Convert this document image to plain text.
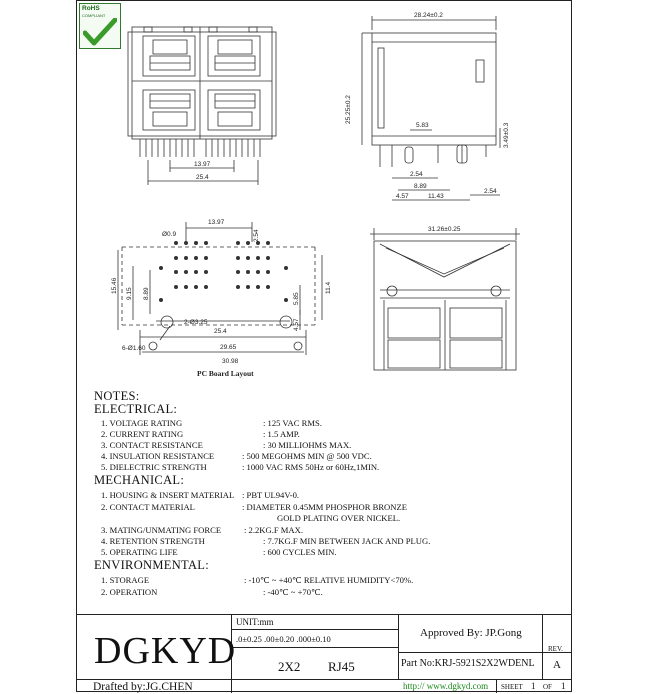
RoHS
COMPLIANT
13.97
25.4
28.24±0.2
25.25±0.2
5.83	3.49±0.3
2.54
8.89
4.57	11.43
2.54
13.97
Ø0.9	2.54
15.46 9.15 8.89	5.85
11.4
4.57
2-Ø3.25
25.4
29.65
6-Ø1.60
30.98
31.26±0.25
PC Board Layout
NOTES:
ELECTRICAL:
1. VOLTAGE RATING	: 125 VAC RMS.
2. CURRENT RATING	: 1.5 AMP.
3. CONTACT RESISTANCE	: 30 MILLIOHMS MAX.
4. INSULATION RESISTANCE	: 500 MEGOHMS MIN @ 500 VDC.
5. DIELECTRIC STRENGTH	: 1000 VAC RMS 50Hz or 60Hz,1MIN.
MECHANICAL:
1. HOUSING & INSERT MATERIAL : PBT UL94V-0.
2. CONTACT MATERIAL	: DIAMETER 0.45MM PHOSPHOR BRONZE
GOLD PLATING OVER NICKEL.
3. MATING/UNMATING FORCE	: 2.2KG.F MAX.
4. RETENTION STRENGTH	: 7.7KG.F MIN BETWEEN JACK AND PLUG.
5. OPERATING LIFE	: 600 CYCLES MIN.
ENVIRONMENTAL:
1. STORAGE	: -10℃ ~ +40℃ RELATIVE HUMIDITY<70%.
2. OPERATION	: -40℃ ~ +70℃.
DGKYD
UNIT:mm
.0±0.25 .00±0.20 .000±0.10	Approved By: JP.Gong
REV.
A
2X2 RJ45	Part No:KRJ-5921S2X2WDENL
Drafted by:JG.CHEN	http:// www.dgkyd.com SHEET 1 OF 1
